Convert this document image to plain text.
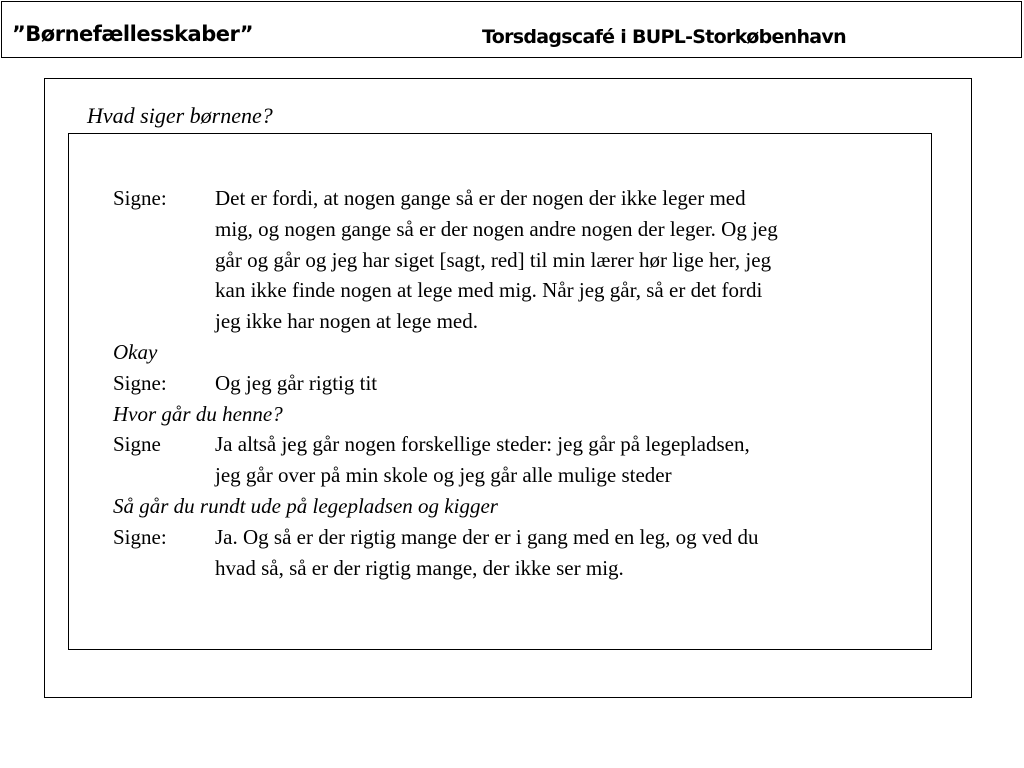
”Børnefællesskaber”	Torsdagscafé i BUPL-Storkøbenhavn
Hvad siger børnene?
Signe:	Det er fordi, at nogen gange så er der nogen der ikke leger med
mig, og nogen gange så er der nogen andre nogen der leger. Og jeg
går og går og jeg har siget [sagt, red] til min lærer hør lige her, jeg
kan ikke finde nogen at lege med mig. Når jeg går, så er det fordi
jeg ikke har nogen at lege med.
Okay
Signe:	Og jeg går rigtig tit
Hvor går du henne?
Signe	Ja altså jeg går nogen forskellige steder: jeg går på legepladsen,
jeg går over på min skole og jeg går alle mulige steder
Så går du rundt ude på legepladsen og kigger
Signe:	Ja. Og så er der rigtig mange der er i gang med en leg, og ved du
hvad så, så er der rigtig mange, der ikke ser mig.
